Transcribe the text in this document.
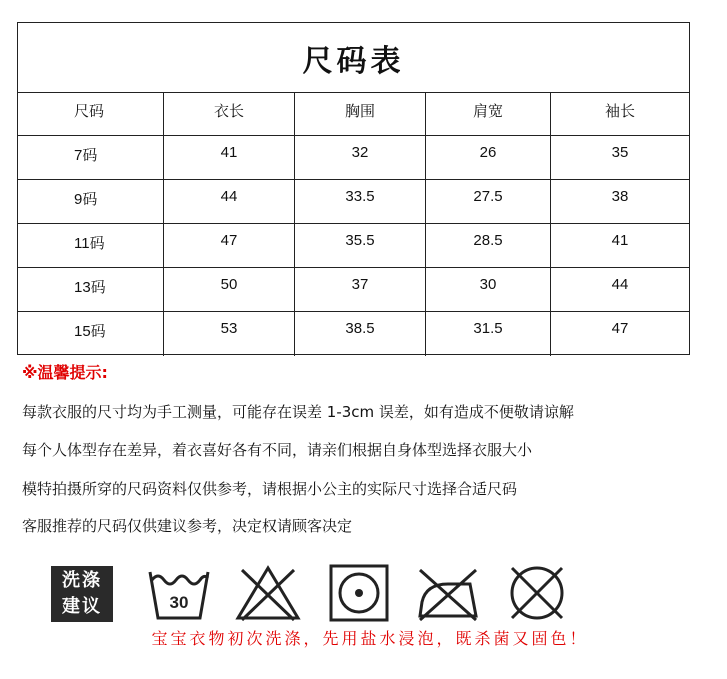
尺码表
尺码	衣长	胸围	肩宽	袖长
7码	41	32	26	35
9码	44	33.5	27.5	38
11码	47	35.5	28.5	41
13码	50	37	30	44
15码	53	38.5	31.5	47
※温馨提示:
每款衣服的尺寸均为手工测量，可能存在误差 1-3cm 误差，如有造成不便敬请谅解
每个人体型存在差异，着衣喜好各有不同，请亲们根据自身体型选择衣服大小
模特拍摄所穿的尺码资料仅供参考，请根据小公主的实际尺寸选择合适尺码
客服推荐的尺码仅供建议参考，决定权请顾客决定
洗涤
建议	30
宝宝衣物初次洗涤，先用盐水浸泡，既杀菌又固色！
